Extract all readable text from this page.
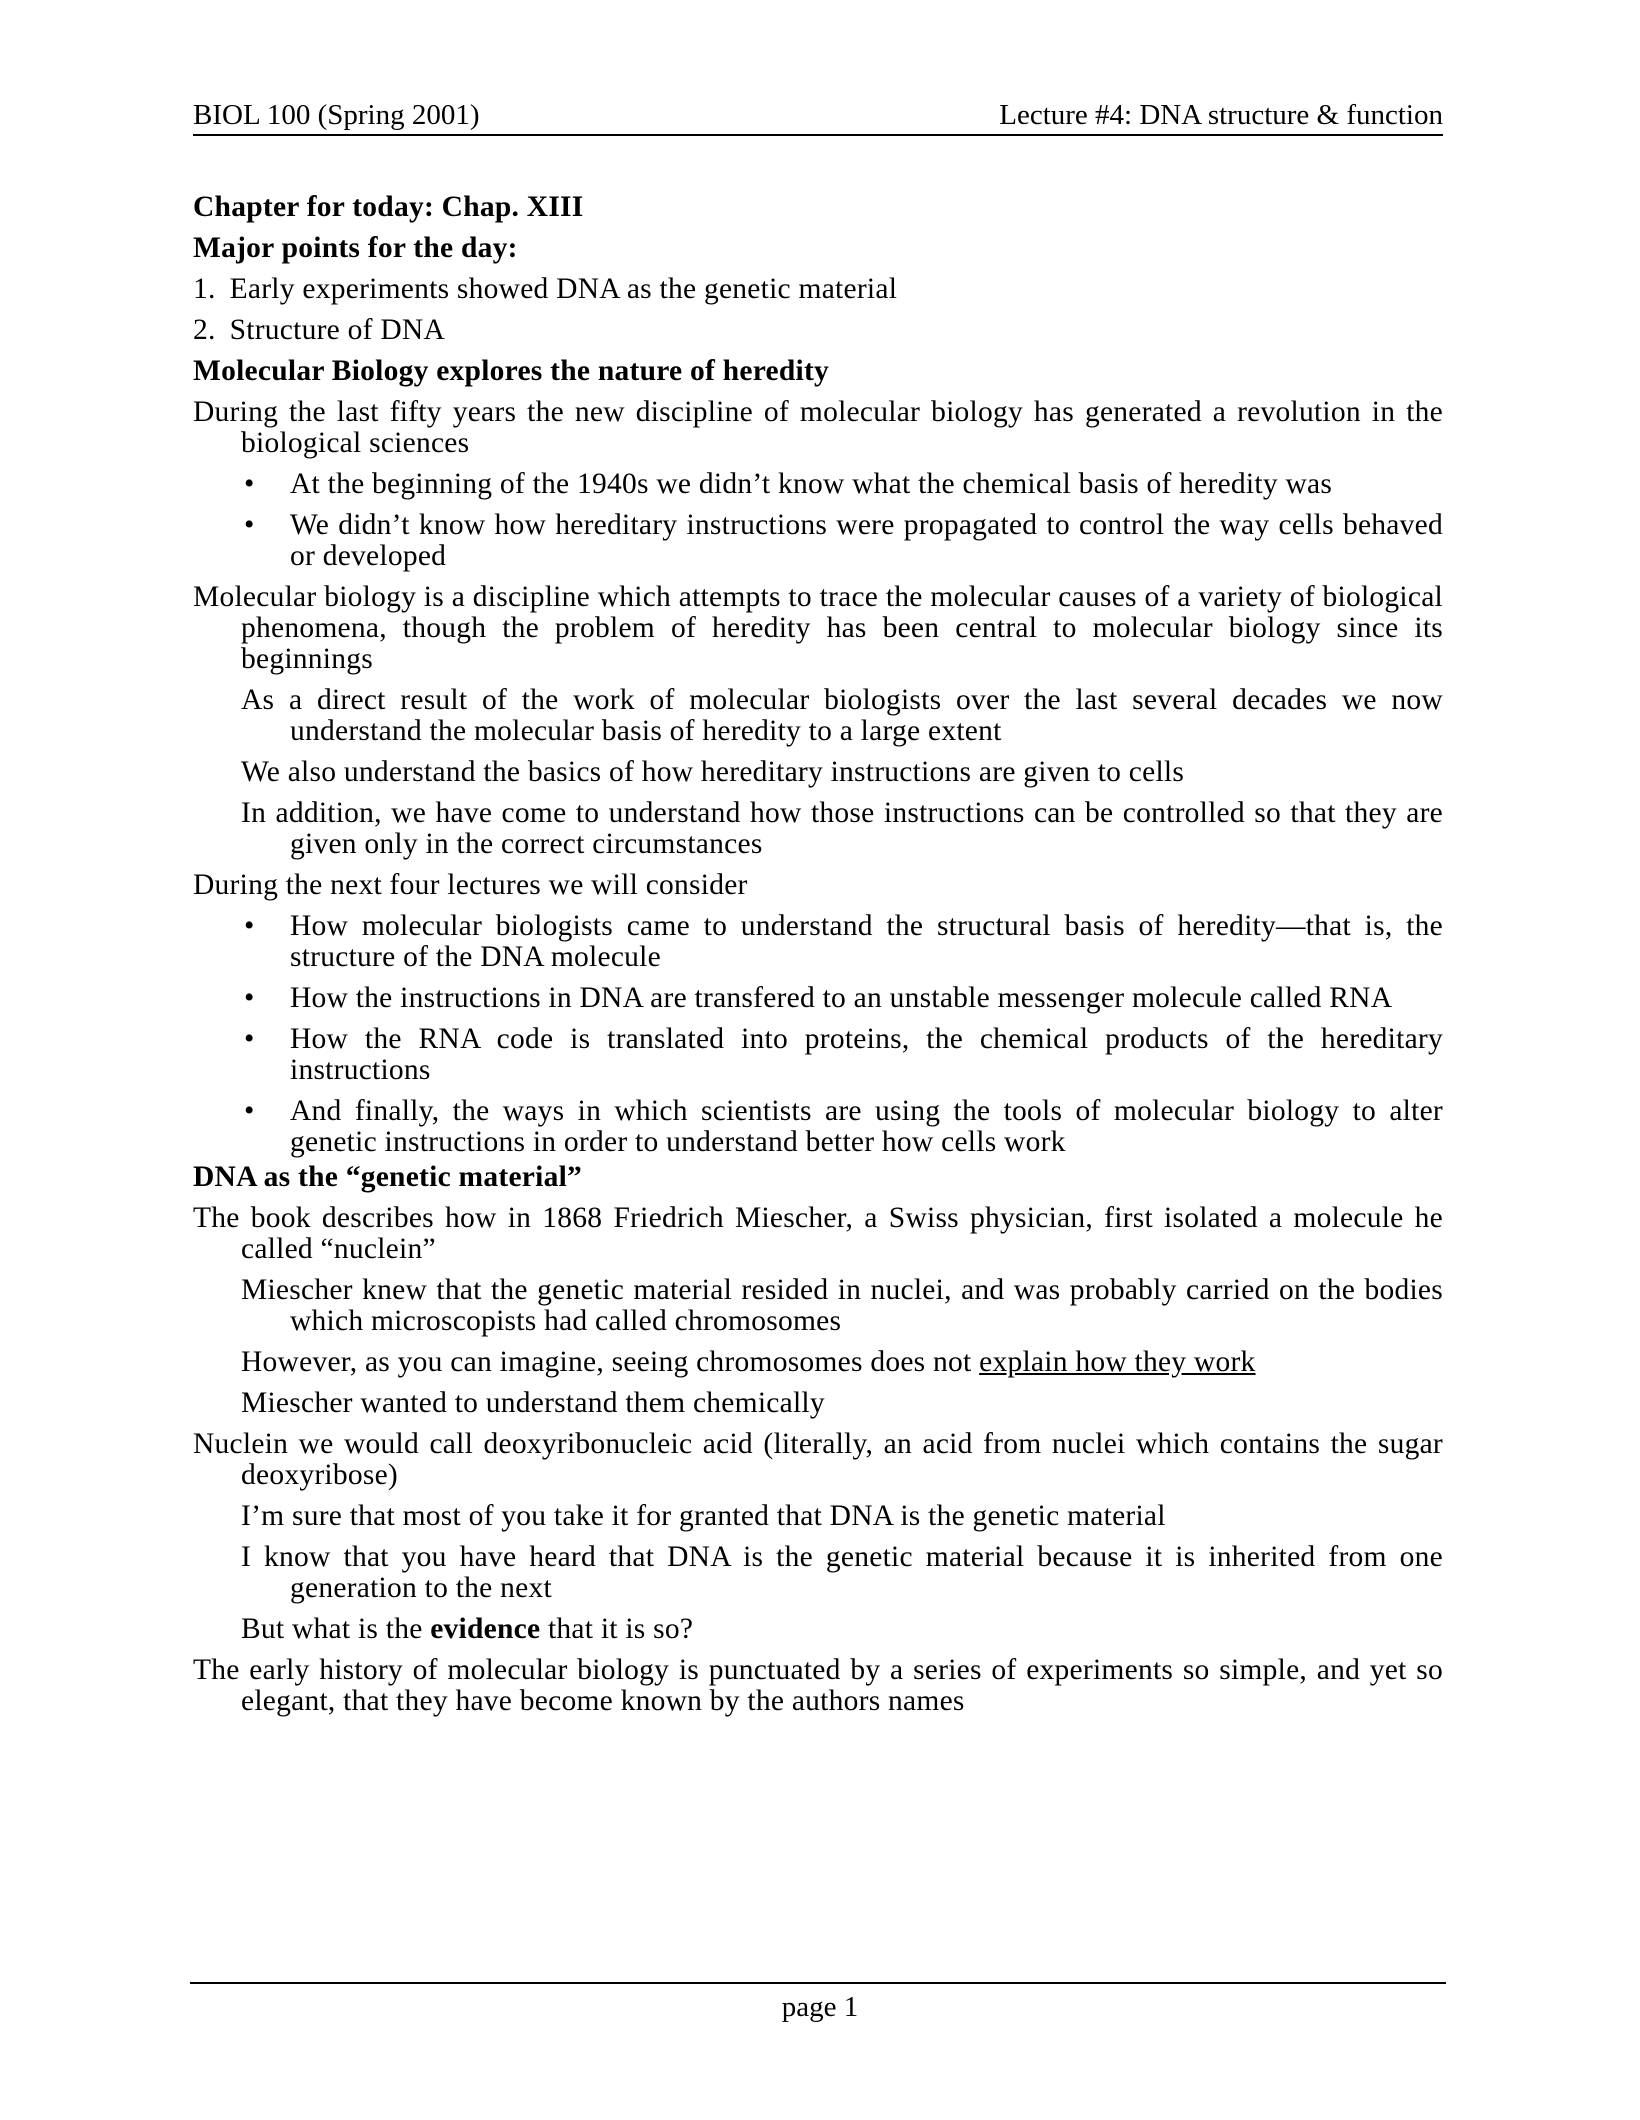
BIOL 100 (Spring 2001)	Lecture #4: DNA structure & function

Chapter for today: Chap. XIII

Major points for the day:

1. Early experiments showed DNA as the genetic material

2. Structure of DNA

Molecular Biology explores the nature of heredity

During the last fifty years the new discipline of molecular biology has generated a revolution in the biological sciences

•	At the beginning of the 1940s we didn’t know what the chemical basis of heredity was
•	We didn’t know how hereditary instructions were propagated to control the way cells behaved or developed

Molecular biology is a discipline which attempts to trace the molecular causes of a variety of biological phenomena, though the problem of heredity has been central to molecular biology since its beginnings

As a direct result of the work of molecular biologists over the last several decades we now understand the molecular basis of heredity to a large extent

We also understand the basics of how hereditary instructions are given to cells

In addition, we have come to understand how those instructions can be controlled so that they are given only in the correct circumstances

During the next four lectures we will consider

•	How molecular biologists came to understand the structural basis of heredity—that is, the structure of the DNA molecule
•	How the instructions in DNA are transfered to an unstable messenger molecule called RNA
•	How the RNA code is translated into proteins, the chemical products of the hereditary instructions
•	And finally, the ways in which scientists are using the tools of molecular biology to alter genetic instructions in order to understand better how cells work

DNA as the “genetic material”

The book describes how in 1868 Friedrich Miescher, a Swiss physician, first isolated a molecule he called “nuclein”

Miescher knew that the genetic material resided in nuclei, and was probably carried on the bodies which microscopists had called chromosomes

However, as you can imagine, seeing chromosomes does not explain how they work

Miescher wanted to understand them chemically

Nuclein we would call deoxyribonucleic acid (literally, an acid from nuclei which contains the sugar deoxyribose)

I’m sure that most of you take it for granted that DNA is the genetic material

I know that you have heard that DNA is the genetic material because it is inherited from one generation to the next

But what is the evidence that it is so?

The early history of molecular biology is punctuated by a series of experiments so simple, and yet so elegant, that they have become known by the authors names

page 1
